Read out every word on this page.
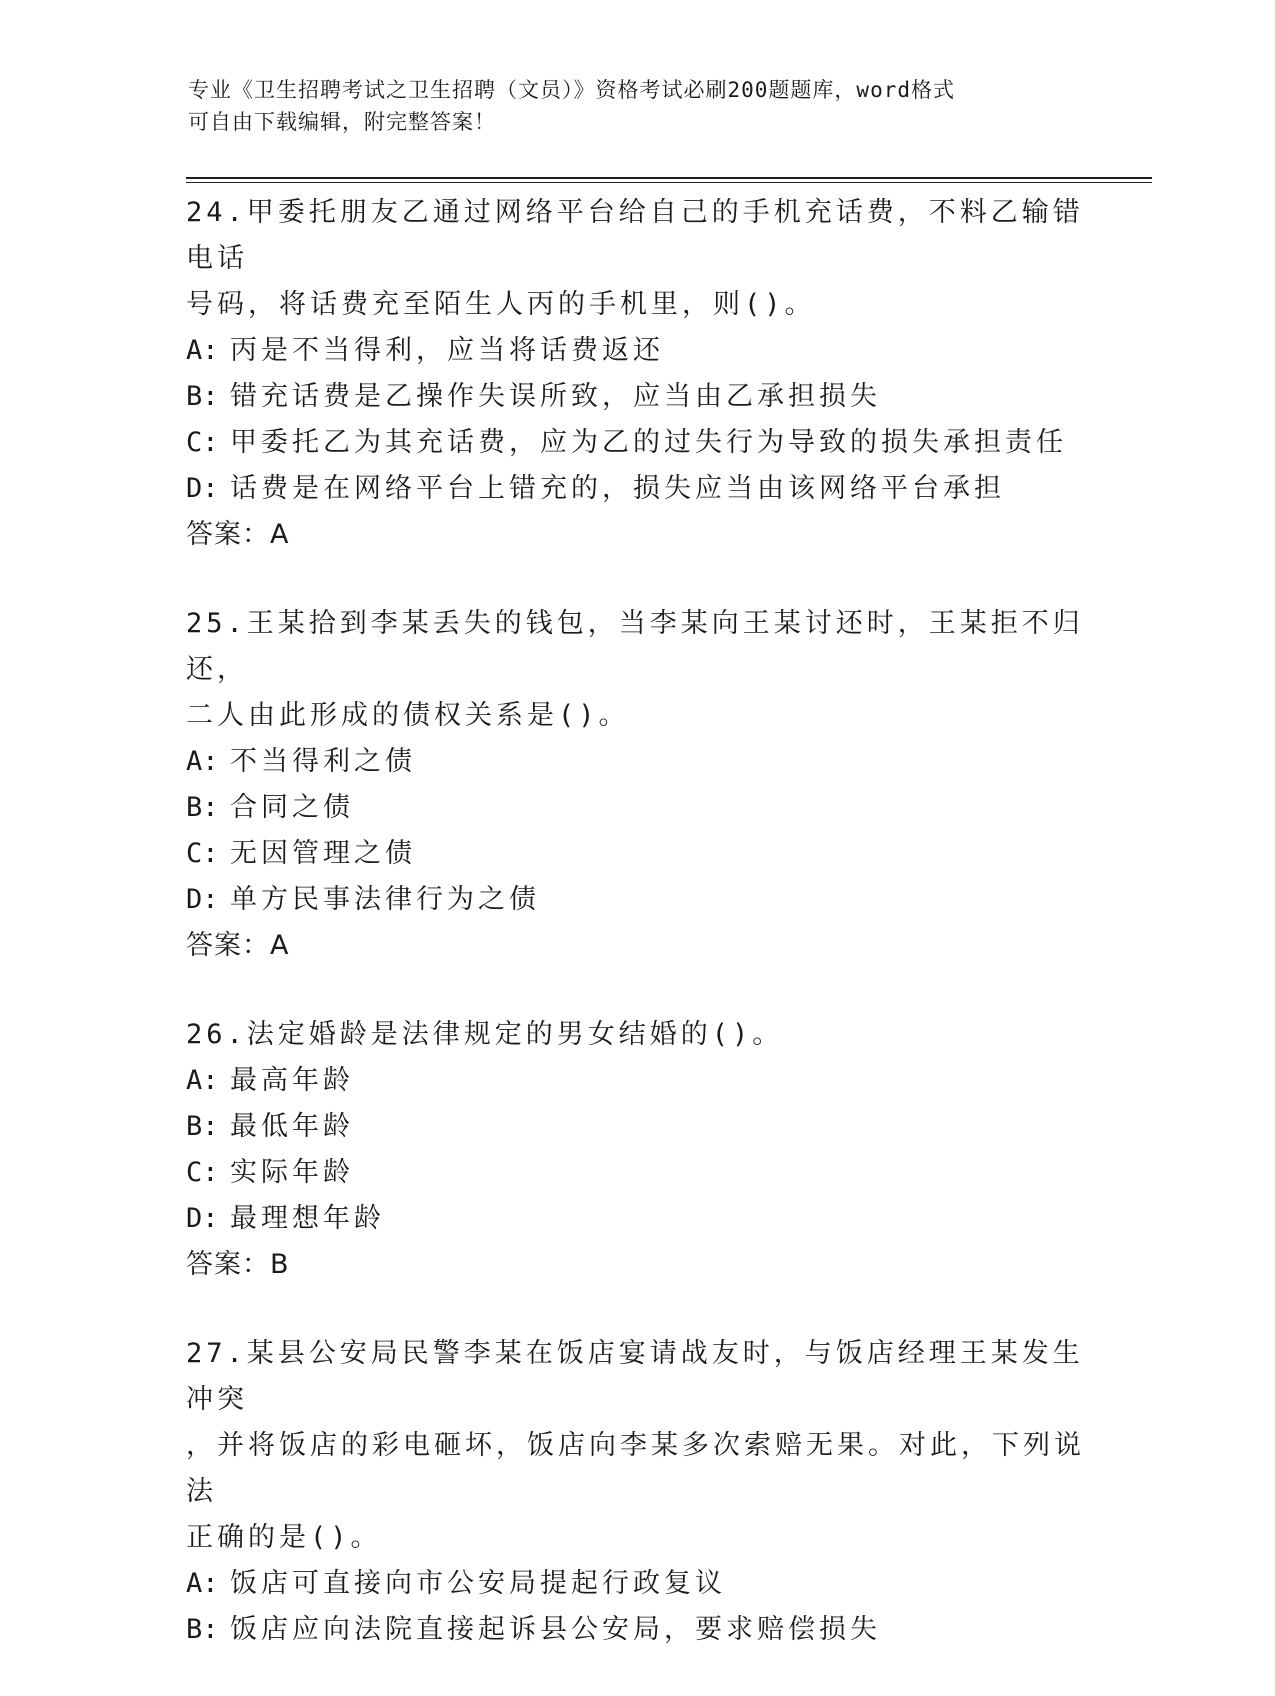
专业《卫生招聘考试之卫生招聘（文员）》资格考试必刷200题题库，word格式
可自由下载编辑，附完整答案！

24.甲委托朋友乙通过网络平台给自己的手机充话费，不料乙输错电话

号码，将话费充至陌生人丙的手机里，则()。

A: 丙是不当得利，应当将话费返还

B: 错充话费是乙操作失误所致，应当由乙承担损失

C: 甲委托乙为其充话费，应为乙的过失行为导致的损失承担责任

D: 话费是在网络平台上错充的，损失应当由该网络平台承担

答案：A

25.王某拾到李某丢失的钱包，当李某向王某讨还时，王某拒不归还，

二人由此形成的债权关系是()。

A: 不当得利之债

B: 合同之债

C: 无因管理之债

D: 单方民事法律行为之债

答案：A

26.法定婚龄是法律规定的男女结婚的()。

A: 最高年龄

B: 最低年龄

C: 实际年龄

D: 最理想年龄

答案：B

27.某县公安局民警李某在饭店宴请战友时，与饭店经理王某发生冲突

，并将饭店的彩电砸坏，饭店向李某多次索赔无果。对此，下列说法

正确的是()。

A: 饭店可直接向市公安局提起行政复议

B: 饭店应向法院直接起诉县公安局，要求赔偿损失
